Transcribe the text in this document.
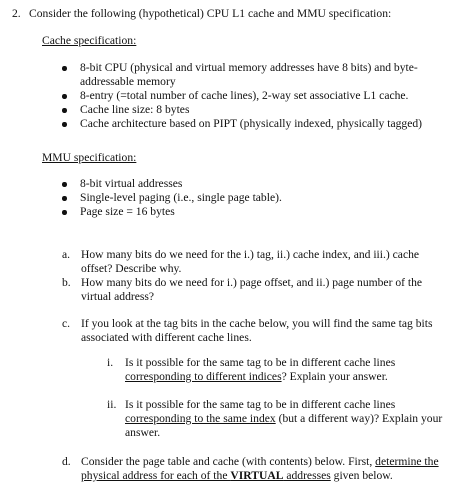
2. Consider the following (hypothetical) CPU L1 cache and MMU specification:
Cache specification:
8-bit CPU (physical and virtual memory addresses have 8 bits) and byte-addressable memory
8-entry (=total number of cache lines), 2-way set associative L1 cache.
Cache line size: 8 bytes
Cache architecture based on PIPT (physically indexed, physically tagged)
MMU specification:
8-bit virtual addresses
Single-level paging (i.e., single page table).
Page size = 16 bytes
a. How many bits do we need for the i.) tag, ii.) cache index, and iii.) cache offset? Describe why.
b. How many bits do we need for i.) page offset, and ii.) page number of the virtual address?
c. If you look at the tag bits in the cache below, you will find the same tag bits associated with different cache lines.
i.	Is it possible for the same tag to be in different cache lines corresponding to different indices? Explain your answer.
ii. Is it possible for the same tag to be in different cache lines corresponding to the same index (but a different way)? Explain your answer.
d. Consider the page table and cache (with contents) below. First, determine the physical address for each of the VIRTUAL addresses given below.
